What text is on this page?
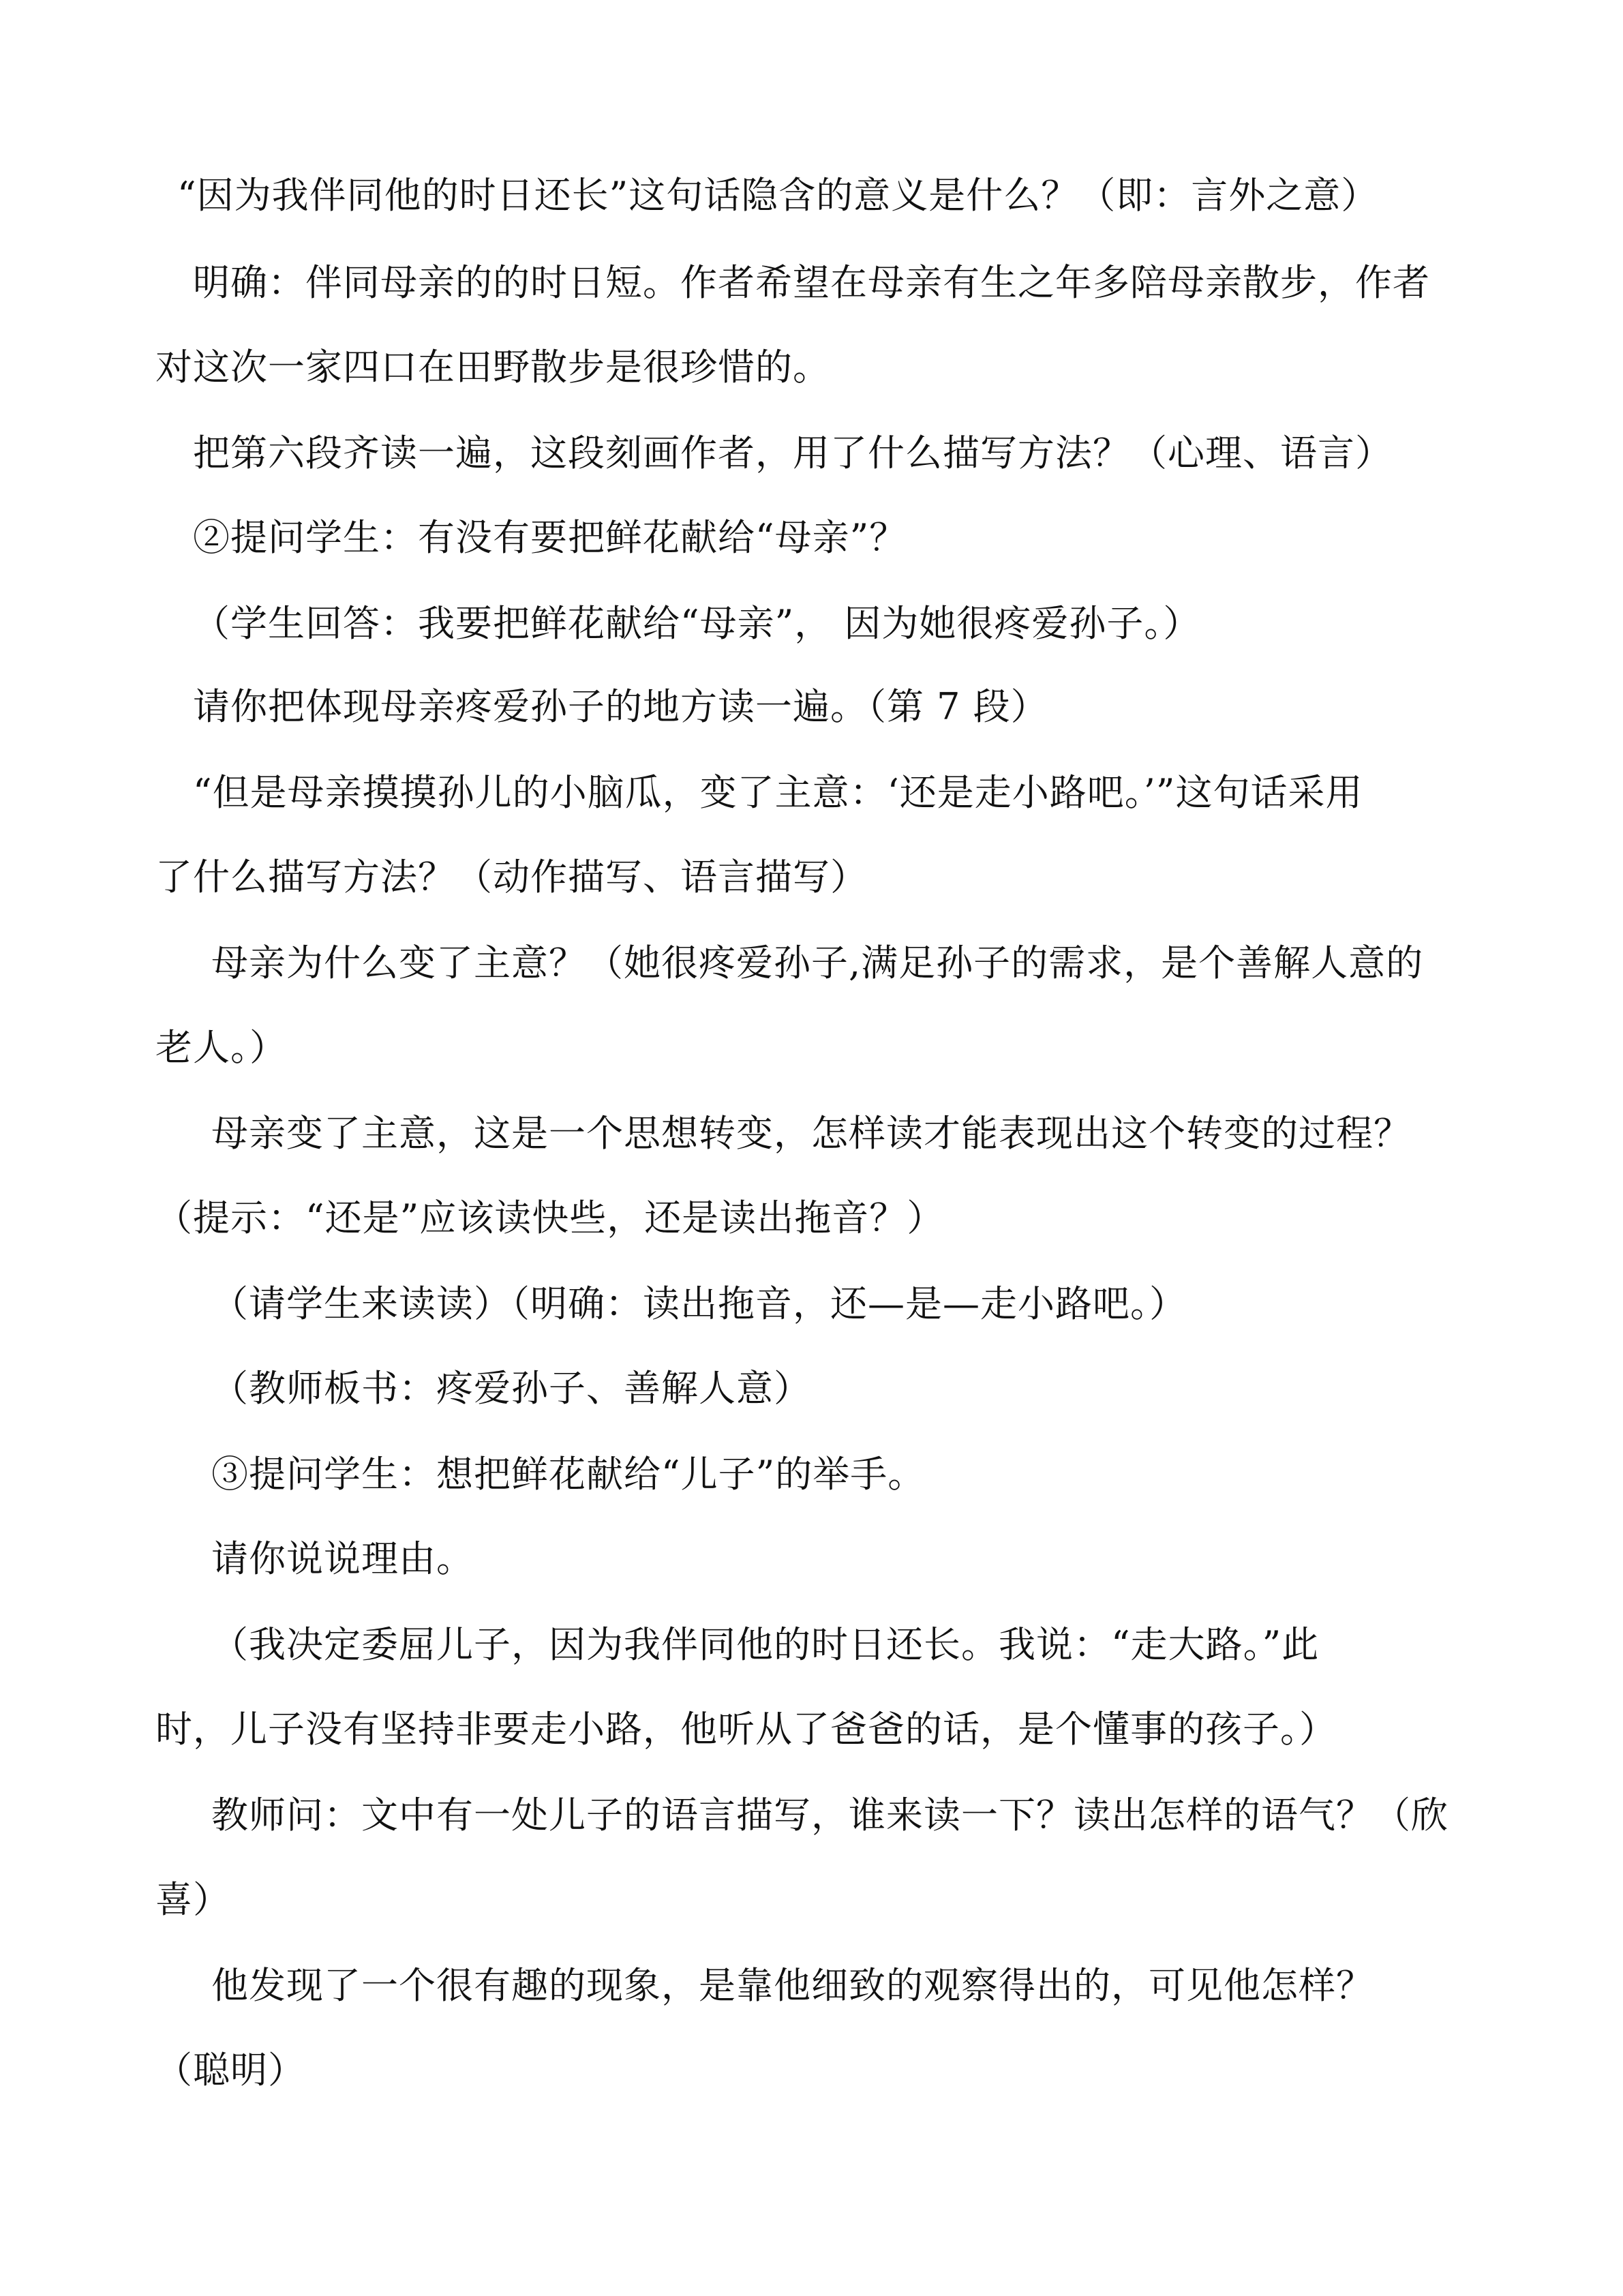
“因为我伴同他的时日还长”这句话隐含的意义是什么？（即：言外之意）
明确：伴同母亲的的时日短。作者希望在母亲有生之年多陪母亲散步，作者
对这次一家四口在田野散步是很珍惜的。
把第六段齐读一遍，这段刻画作者，用了什么描写方法？（心理、语言）
②提问学生：有没有要把鲜花献给“母亲”？
（学生回答：我要把鲜花献给“母亲”， 因为她很疼爱孙子。）
请你把体现母亲疼爱孙子的地方读一遍。（第 7 段）
“但是母亲摸摸孙儿的小脑瓜，变了主意：‘还是走小路吧。’”这句话采用
了什么描写方法？（动作描写、语言描写）
母亲为什么变了主意？（她很疼爱孙子,满足孙子的需求，是个善解人意的
老人。）
母亲变了主意，这是一个思想转变，怎样读才能表现出这个转变的过程？
（提示：“还是”应该读快些，还是读出拖音？）
（请学生来读读）（明确：读出拖音，还—是—走小路吧。）
（教师板书：疼爱孙子、善解人意）
③提问学生：想把鲜花献给“儿子”的举手。
请你说说理由。
（我决定委屈儿子，因为我伴同他的时日还长。我说：“走大路。”此
时，儿子没有坚持非要走小路，他听从了爸爸的话，是个懂事的孩子。）
教师问：文中有一处儿子的语言描写，谁来读一下？读出怎样的语气？（欣
喜）
他发现了一个很有趣的现象，是靠他细致的观察得出的，可见他怎样？
（聪明）
